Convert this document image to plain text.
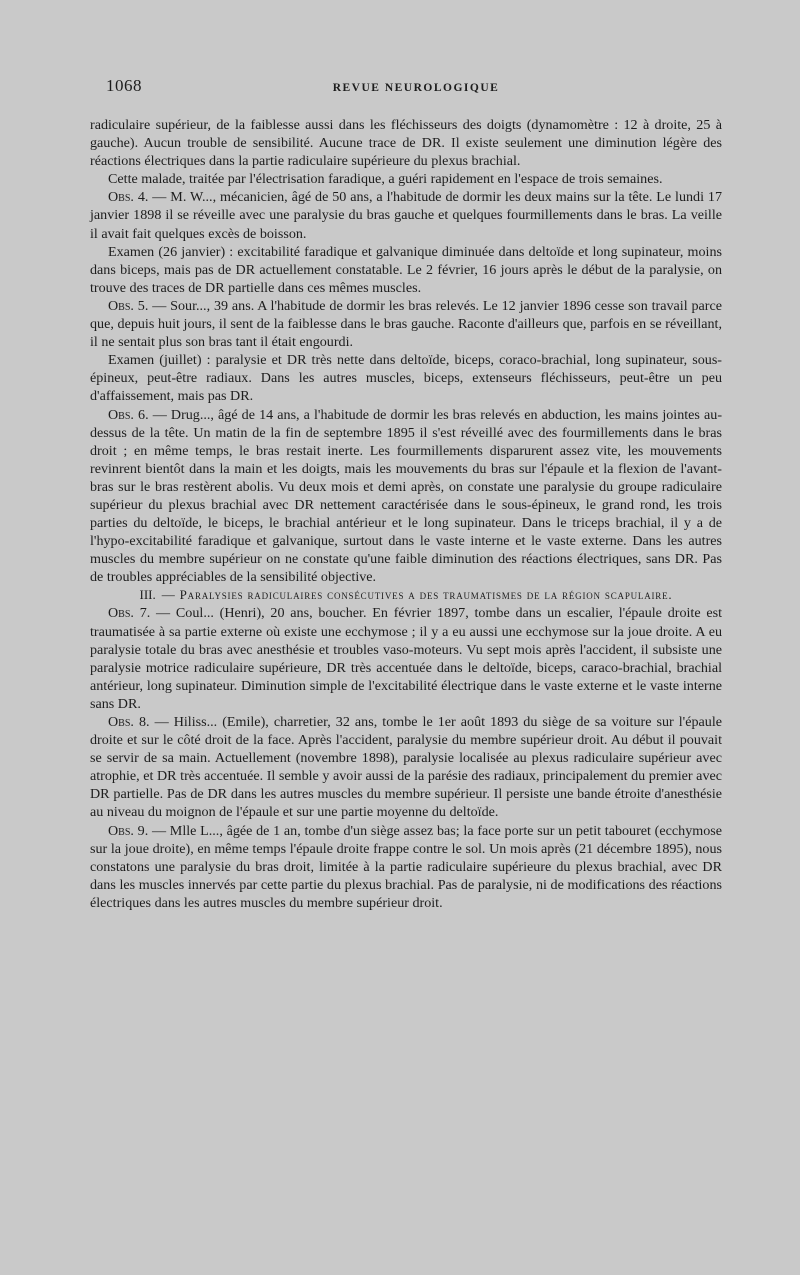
1068	REVUE NEUROLOGIQUE

radiculaire supérieur, de la faiblesse aussi dans les fléchisseurs des doigts (dynamomètre : 12 à droite, 25 à gauche). Aucun trouble de sensibilité. Aucune trace de DR. Il existe seulement une diminution légère des réactions électriques dans la partie radiculaire supérieure du plexus brachial.

Cette malade, traitée par l'électrisation faradique, a guéri rapidement en l'espace de trois semaines.

Obs. 4. — M. W..., mécanicien, âgé de 50 ans, a l'habitude de dormir les deux mains sur la tête. Le lundi 17 janvier 1898 il se réveille avec une paralysie du bras gauche et quelques fourmillements dans le bras. La veille il avait fait quelques excès de boisson.

Examen (26 janvier) : excitabilité faradique et galvanique diminuée dans deltoïde et long supinateur, moins dans biceps, mais pas de DR actuellement constatable. Le 2 février, 16 jours après le début de la paralysie, on trouve des traces de DR partielle dans ces mêmes muscles.

Obs. 5. — Sour..., 39 ans. A l'habitude de dormir les bras relevés. Le 12 janvier 1896 cesse son travail parce que, depuis huit jours, il sent de la faiblesse dans le bras gauche. Raconte d'ailleurs que, parfois en se réveillant, il ne sentait plus son bras tant il était engourdi.

Examen (juillet) : paralysie et DR très nette dans deltoïde, biceps, coraco-brachial, long supinateur, sous-épineux, peut-être radiaux. Dans les autres muscles, biceps, extenseurs fléchisseurs, peut-être un peu d'affaissement, mais pas DR.

Obs. 6. — Drug..., âgé de 14 ans, a l'habitude de dormir les bras relevés en abduction, les mains jointes au-dessus de la tête. Un matin de la fin de septembre 1895 il s'est réveillé avec des fourmillements dans le bras droit ; en même temps, le bras restait inerte. Les fourmillements disparurent assez vite, les mouvements revinrent bientôt dans la main et les doigts, mais les mouvements du bras sur l'épaule et la flexion de l'avant-bras sur le bras restèrent abolis. Vu deux mois et demi après, on constate une paralysie du groupe radiculaire supérieur du plexus brachial avec DR nettement caractérisée dans le sous-épineux, le grand rond, les trois parties du deltoïde, le biceps, le brachial antérieur et le long supinateur. Dans le triceps brachial, il y a de l'hypo-excitabilité faradique et galvanique, surtout dans le vaste interne et le vaste externe. Dans les autres muscles du membre supérieur on ne constate qu'une faible diminution des réactions électriques, sans DR. Pas de troubles appréciables de la sensibilité objective.

III. — Paralysies radiculaires consécutives a des traumatismes de la région scapulaire.

Obs. 7. — Coul... (Henri), 20 ans, boucher. En février 1897, tombe dans un escalier, l'épaule droite est traumatisée à sa partie externe où existe une ecchymose ; il y a eu aussi une ecchymose sur la joue droite. A eu paralysie totale du bras avec anesthésie et troubles vaso-moteurs. Vu sept mois après l'accident, il subsiste une paralysie motrice radiculaire supérieure, DR très accentuée dans le deltoïde, biceps, caraco-brachial, brachial antérieur, long supinateur. Diminution simple de l'excitabilité électrique dans le vaste externe et le vaste interne sans DR.

Obs. 8. — Hiliss... (Emile), charretier, 32 ans, tombe le 1er août 1893 du siège de sa voiture sur l'épaule droite et sur le côté droit de la face. Après l'accident, paralysie du membre supérieur droit. Au début il pouvait se servir de sa main. Actuellement (novembre 1898), paralysie localisée au plexus radiculaire supérieur avec atrophie, et DR très accentuée. Il semble y avoir aussi de la parésie des radiaux, principalement du premier avec DR partielle. Pas de DR dans les autres muscles du membre supérieur. Il persiste une bande étroite d'anesthésie au niveau du moignon de l'épaule et sur une partie moyenne du deltoïde.

Obs. 9. — Mlle L..., âgée de 1 an, tombe d'un siège assez bas; la face porte sur un petit tabouret (ecchymose sur la joue droite), en même temps l'épaule droite frappe contre le sol. Un mois après (21 décembre 1895), nous constatons une paralysie du bras droit, limitée à la partie radiculaire supérieure du plexus brachial, avec DR dans les muscles innervés par cette partie du plexus brachial. Pas de paralysie, ni de modifications des réactions électriques dans les autres muscles du membre supérieur droit.
